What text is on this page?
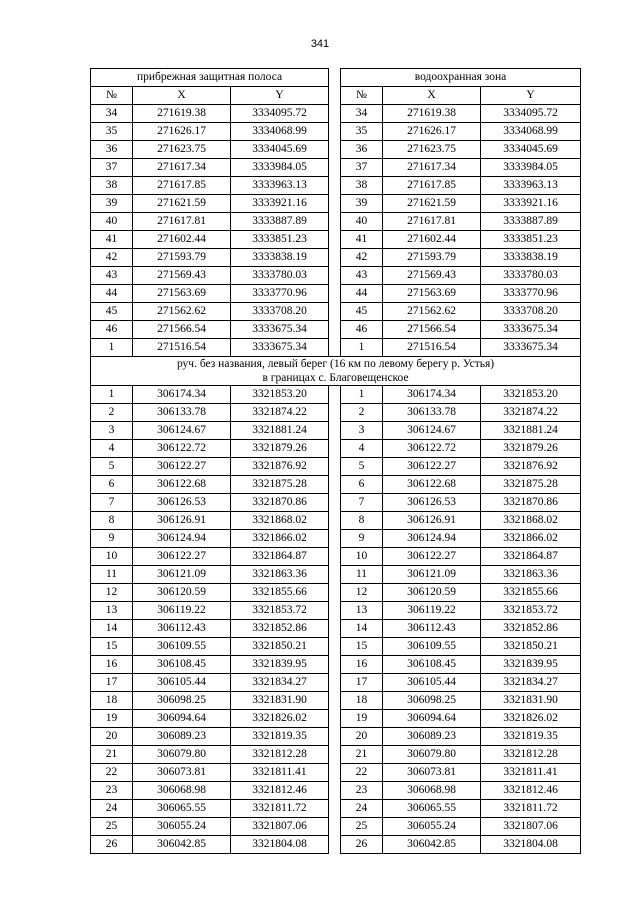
341
прибрежная защитная полоса				водоохранная зона		
№	X	Y		№	X	Y
34	271619.38	3334095.72		34	271619.38	3334095.72
35	271626.17	3334068.99		35	271626.17	3334068.99
36	271623.75	3334045.69		36	271623.75	3334045.69
37	271617.34	3333984.05		37	271617.34	3333984.05
38	271617.85	3333963.13		38	271617.85	3333963.13
39	271621.59	3333921.16		39	271621.59	3333921.16
40	271617.81	3333887.89		40	271617.81	3333887.89
41	271602.44	3333851.23		41	271602.44	3333851.23
42	271593.79	3333838.19		42	271593.79	3333838.19
43	271569.43	3333780.03		43	271569.43	3333780.03
44	271563.69	3333770.96		44	271563.69	3333770.96
45	271562.62	3333708.20		45	271562.62	3333708.20
46	271566.54	3333675.34		46	271566.54	3333675.34
1	271516.54	3333675.34		1	271516.54	3333675.34
руч. без названия, левый берег (16 км по левому берегу р. Устья)						
в границах с. Благовещенское						
1	306174.34	3321853.20		1	306174.34	3321853.20
2	306133.78	3321874.22		2	306133.78	3321874.22
3	306124.67	3321881.24		3	306124.67	3321881.24
4	306122.72	3321879.26		4	306122.72	3321879.26
5	306122.27	3321876.92		5	306122.27	3321876.92
6	306122.68	3321875.28		6	306122.68	3321875.28
7	306126.53	3321870.86		7	306126.53	3321870.86
8	306126.91	3321868.02		8	306126.91	3321868.02
9	306124.94	3321866.02		9	306124.94	3321866.02
10	306122.27	3321864.87		10	306122.27	3321864.87
11	306121.09	3321863.36		11	306121.09	3321863.36
12	306120.59	3321855.66		12	306120.59	3321855.66
13	306119.22	3321853.72		13	306119.22	3321853.72
14	306112.43	3321852.86		14	306112.43	3321852.86
15	306109.55	3321850.21		15	306109.55	3321850.21
16	306108.45	3321839.95		16	306108.45	3321839.95
17	306105.44	3321834.27		17	306105.44	3321834.27
18	306098.25	3321831.90		18	306098.25	3321831.90
19	306094.64	3321826.02		19	306094.64	3321826.02
20	306089.23	3321819.35		20	306089.23	3321819.35
21	306079.80	3321812.28		21	306079.80	3321812.28
22	306073.81	3321811.41		22	306073.81	3321811.41
23	306068.98	3321812.46		23	306068.98	3321812.46
24	306065.55	3321811.72		24	306065.55	3321811.72
25	306055.24	3321807.06		25	306055.24	3321807.06
26	306042.85	3321804.08		26	306042.85	3321804.08
